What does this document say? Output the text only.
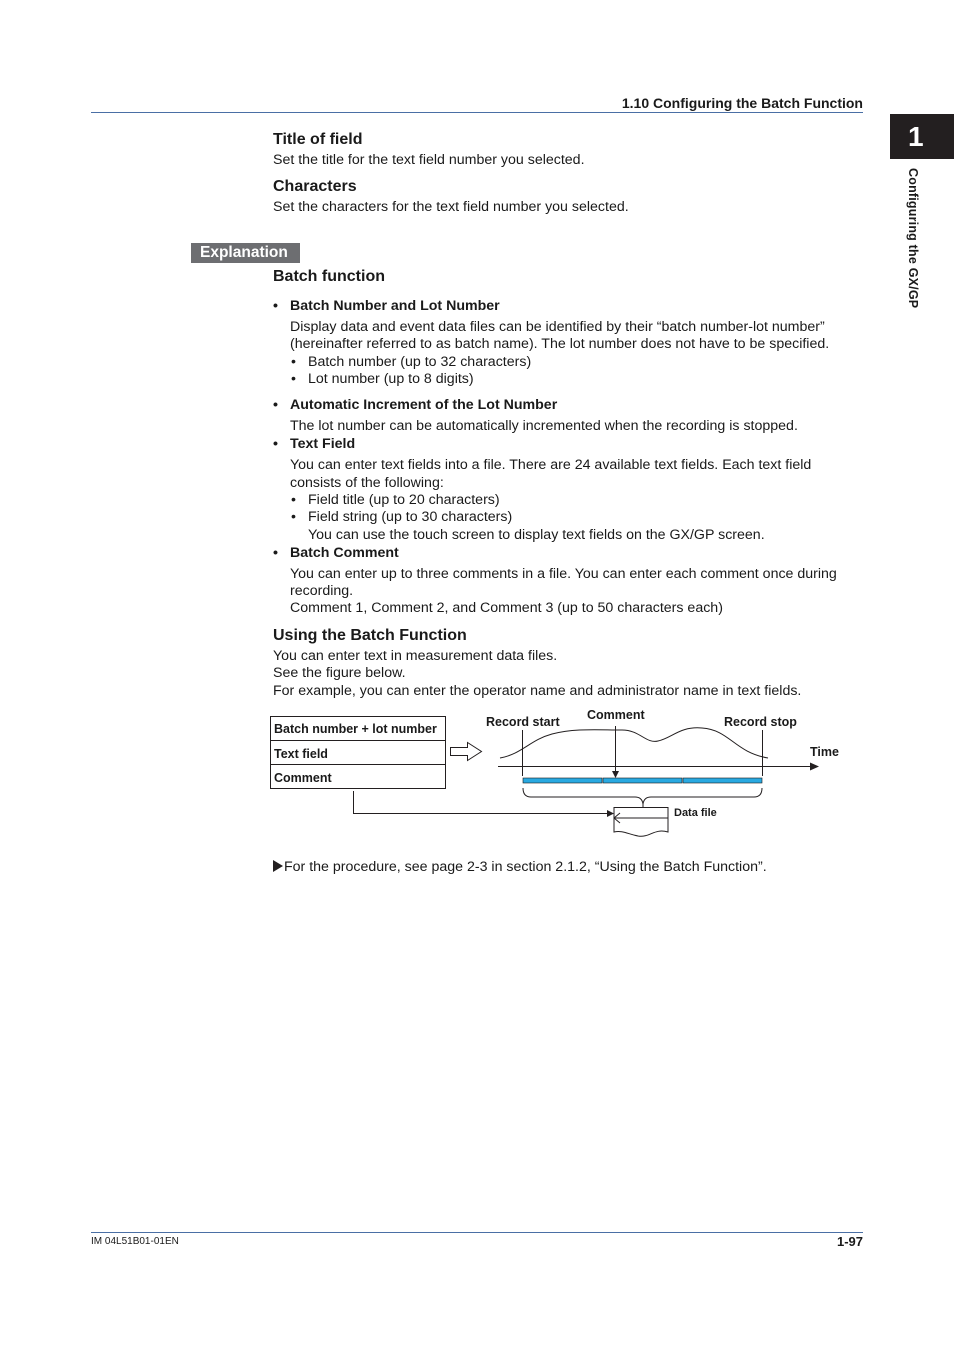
1.10 Configuring the Batch Function
1
Configuring the GX/GP
Title of field
Set the title for the text field number you selected.
Characters
Set the characters for the text field number you selected.
Explanation
Batch function
• Batch Number and Lot Number
Display data and event data files can be identified by their “batch number-lot number”
(hereinafter referred to as batch name). The lot number does not have to be specified.
• Batch number (up to 32 characters)
• Lot number (up to 8 digits)
• Automatic Increment of the Lot Number
The lot number can be automatically incremented when the recording is stopped.
• Text Field
You can enter text fields into a file. There are 24 available text fields. Each text field
consists of the following:
• Field title (up to 20 characters)
• Field string (up to 30 characters)
You can use the touch screen to display text fields on the GX/GP screen.
• Batch Comment
You can enter up to three comments in a file. You can enter each comment once during
recording.
Comment 1, Comment 2, and Comment 3 (up to 50 characters each)
Using the Batch Function
You can enter text in measurement data files.
See the figure below.
For example, you can enter the operator name and administrator name in text fields.
Batch number + lot number
Text field
Comment
Record start Comment	Record stop
Time
Data file
For the procedure, see page 2-3 in section 2.1.2, “Using the Batch Function”.
IM 04L51B01-01EN	1-97
